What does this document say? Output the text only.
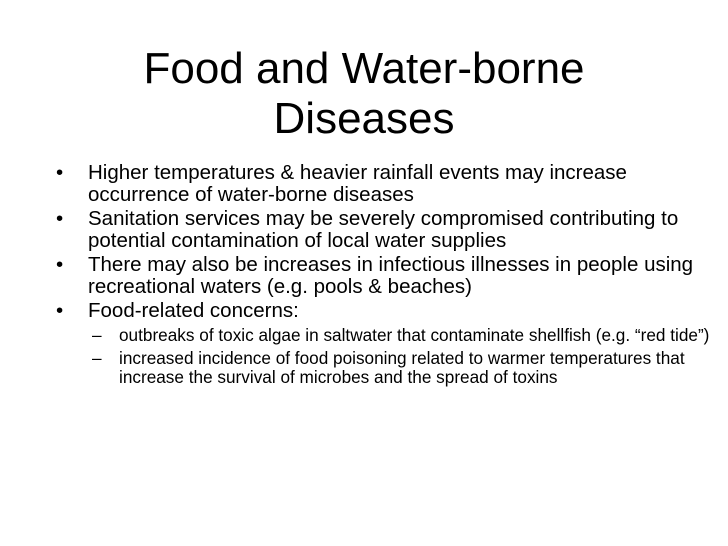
Food and Water-borne
Diseases
•	Higher temperatures & heavier rainfall events may increase occurrence of water-borne diseases
•	Sanitation services may be severely compromised contributing to potential contamination of local water supplies
•	There may also be increases in infectious illnesses in people using recreational waters (e.g. pools & beaches)
•	Food-related concerns:
– outbreaks of toxic algae in saltwater that contaminate shellfish (e.g. “red tide”)
– increased incidence of food poisoning related to warmer temperatures that increase the survival of microbes and the spread of toxins
